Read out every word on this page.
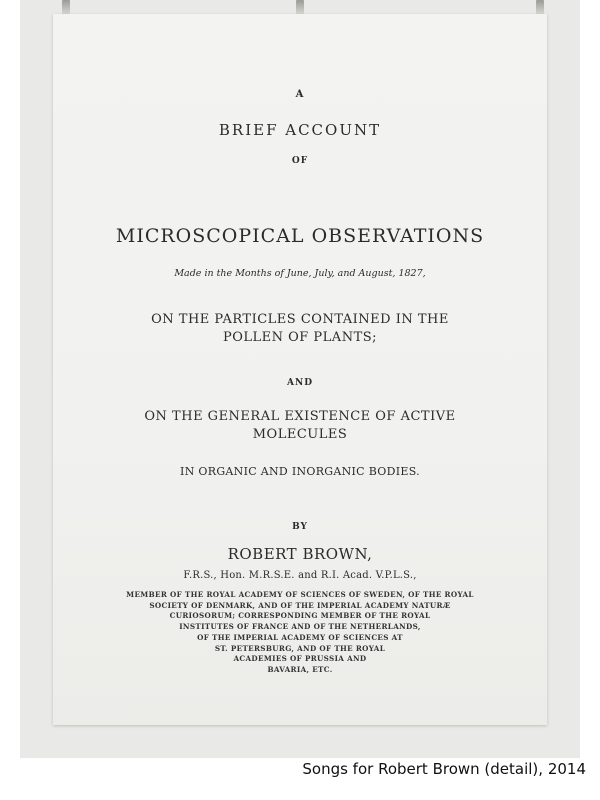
A

BRIEF ACCOUNT

OF

MICROSCOPICAL OBSERVATIONS

Made in the Months of June, July, and August, 1827,

ON THE PARTICLES CONTAINED IN THE
POLLEN OF PLANTS;

AND

ON THE GENERAL EXISTENCE OF ACTIVE
MOLECULES

IN ORGANIC AND INORGANIC BODIES.

BY

ROBERT BROWN,

F.R.S., Hon. M.R.S.E. and R.I. Acad. V.P.L.S.,

MEMBER OF THE ROYAL ACADEMY OF SCIENCES OF SWEDEN, OF THE ROYAL
SOCIETY OF DENMARK, AND OF THE IMPERIAL ACADEMY NATURÆ
CURIOSORUM; CORRESPONDING MEMBER OF THE ROYAL
INSTITUTES OF FRANCE AND OF THE NETHERLANDS,
OF THE IMPERIAL ACADEMY OF SCIENCES AT
ST. PETERSBURG, AND OF THE ROYAL
ACADEMIES OF PRUSSIA AND
BAVARIA, ETC.

Songs for Robert Brown (detail), 2014
